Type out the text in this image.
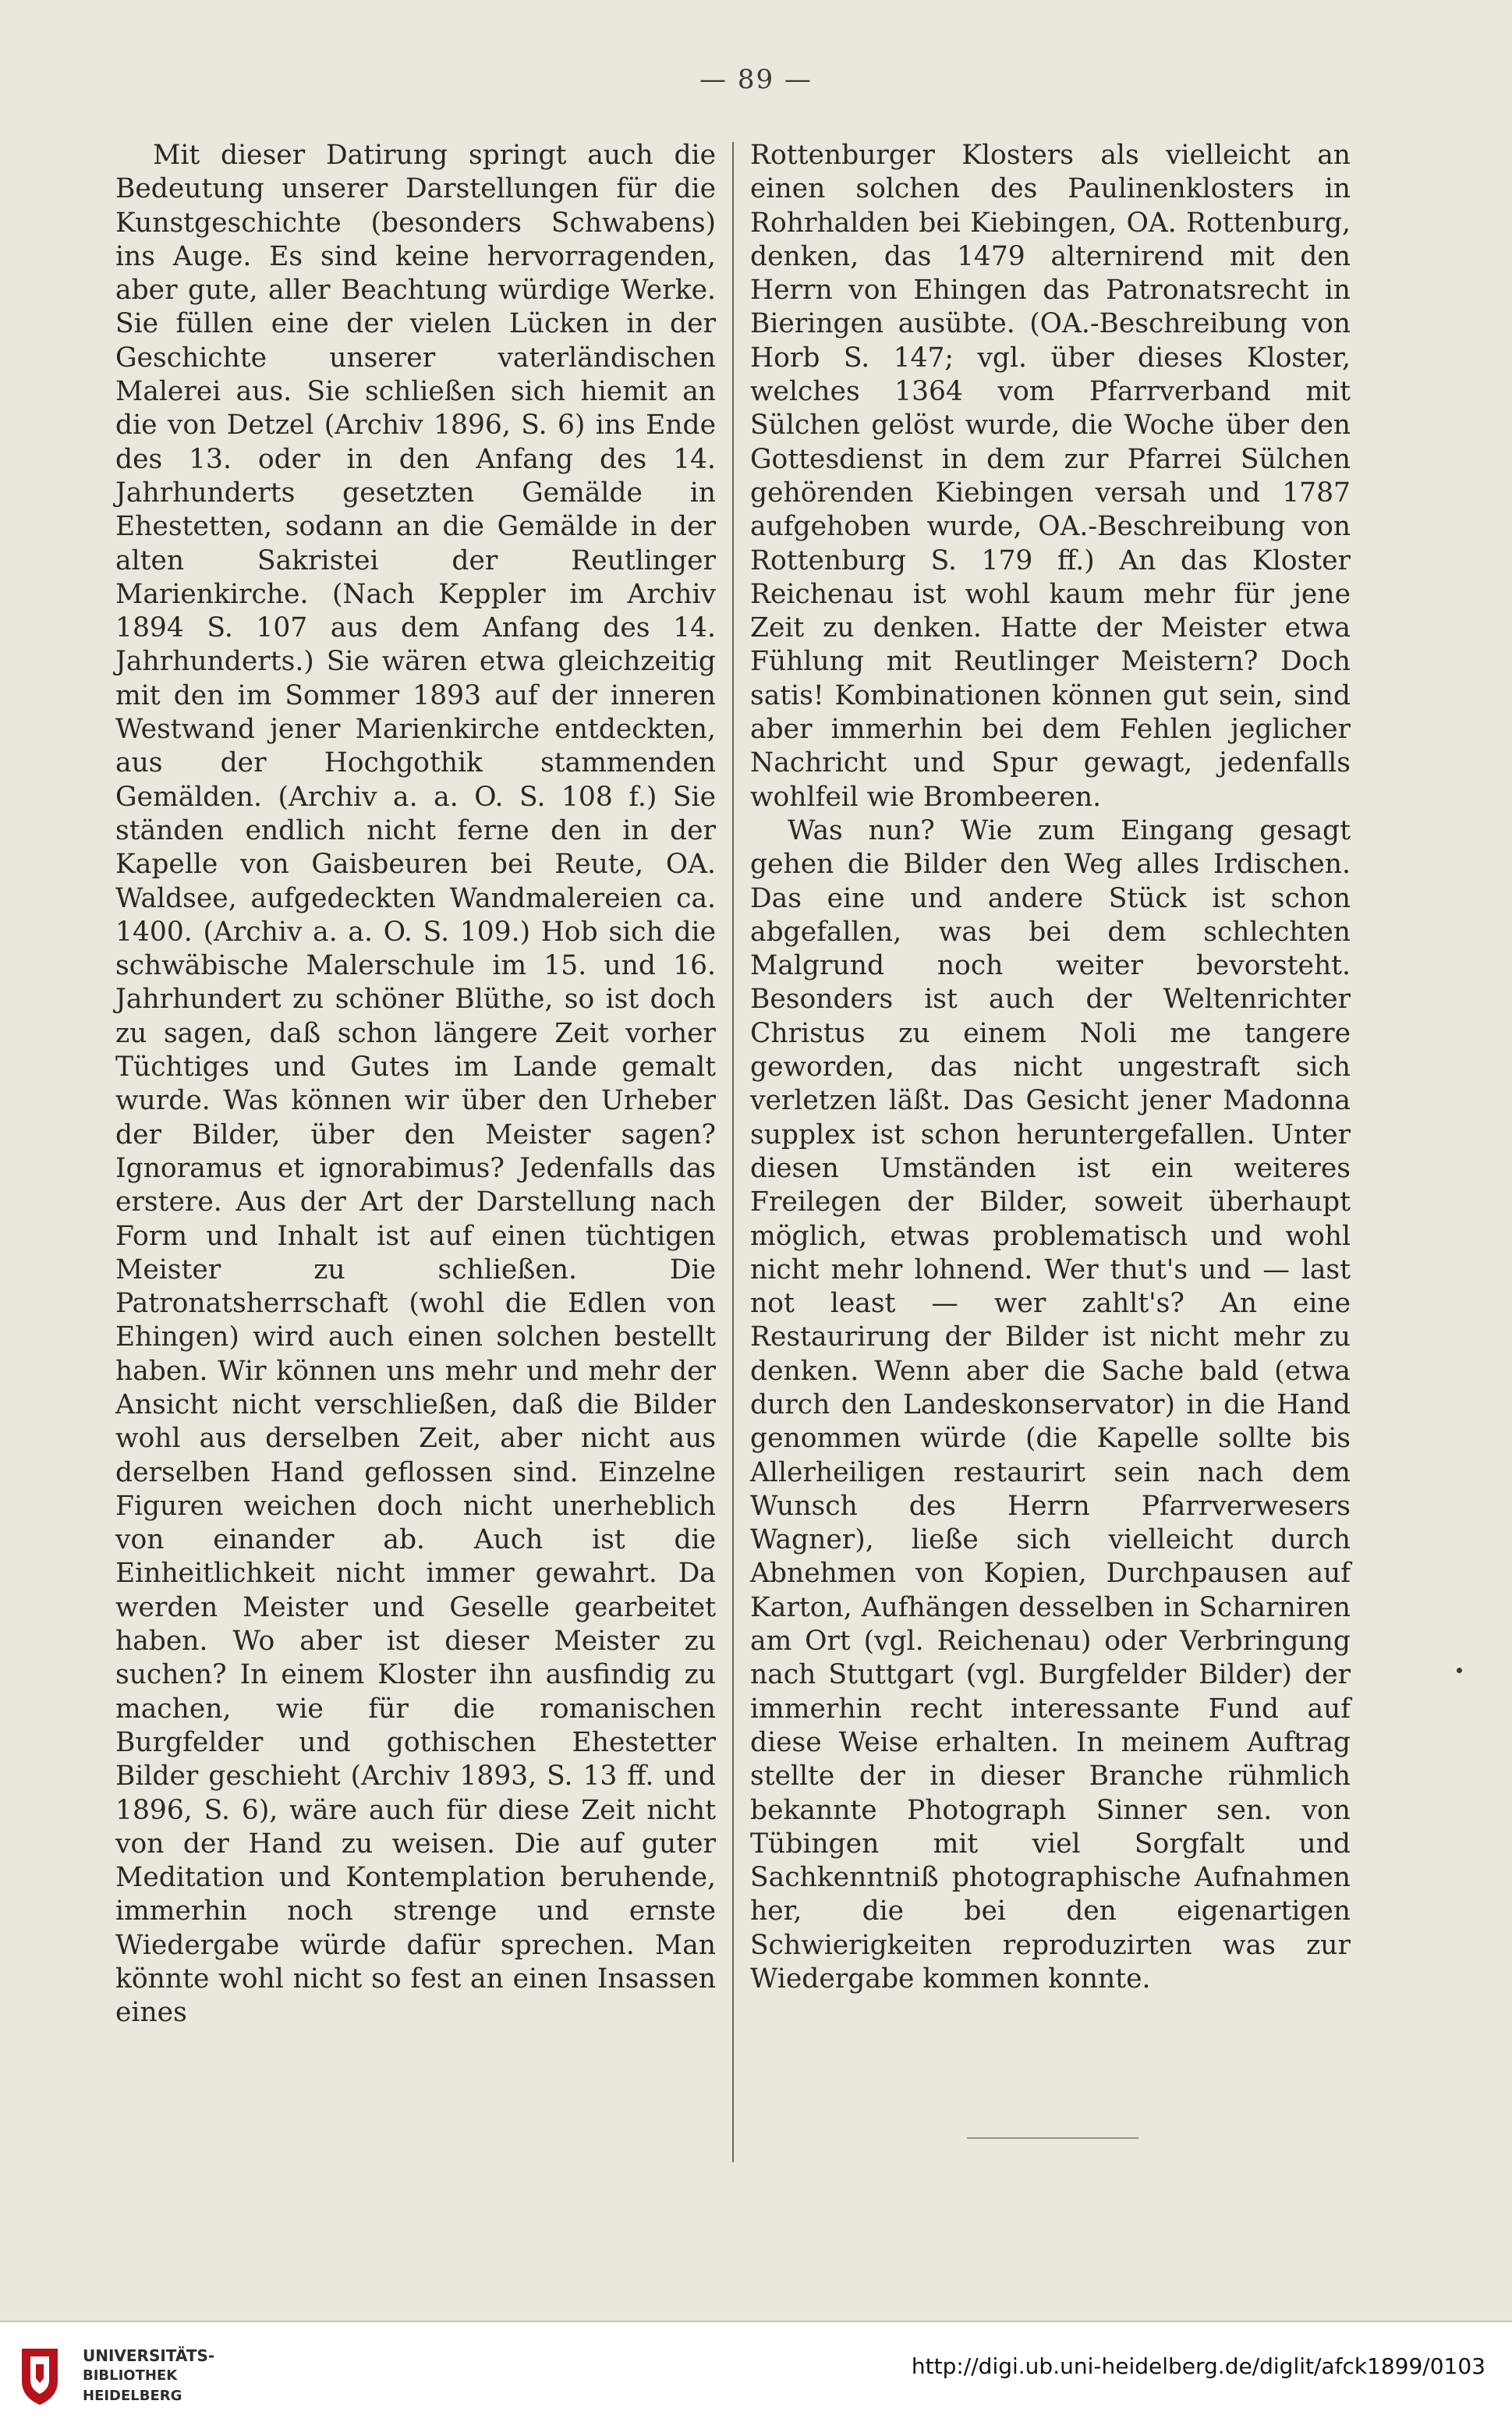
— 89 —

Mit dieser Datirung springt auch die Bedeutung unserer Darstellungen für die Kunstgeschichte (besonders Schwabens) ins Auge. Es sind keine hervorragenden, aber gute, aller Beachtung würdige Werke. Sie füllen eine der vielen Lücken in der Geschichte unserer vaterländischen Malerei aus. Sie schließen sich hiemit an die von Detzel (Archiv 1896, S. 6) ins Ende des 13. oder in den Anfang des 14. Jahrhunderts gesetzten Gemälde in Ehestetten, sodann an die Gemälde in der alten Sakristei der Reutlinger Marienkirche. (Nach Keppler im Archiv 1894 S. 107 aus dem Anfang des 14. Jahrhunderts.) Sie wären etwa gleichzeitig mit den im Sommer 1893 auf der inneren Westwand jener Marienkirche entdeckten, aus der Hochgothik stammenden Gemälden. (Archiv a. a. O. S. 108 f.) Sie ständen endlich nicht ferne den in der Kapelle von Gaisbeuren bei Reute, OA. Waldsee, aufgedeckten Wandmalereien ca. 1400. (Archiv a. a. O. S. 109.) Hob sich die schwäbische Malerschule im 15. und 16. Jahrhundert zu schöner Blüthe, so ist doch zu sagen, daß schon längere Zeit vorher Tüchtiges und Gutes im Lande gemalt wurde. Was können wir über den Urheber der Bilder, über den Meister sagen? Ignoramus et ignorabimus? Jedenfalls das erstere. Aus der Art der Darstellung nach Form und Inhalt ist auf einen tüchtigen Meister zu schließen. Die Patronatsherrschaft (wohl die Edlen von Ehingen) wird auch einen solchen bestellt haben. Wir können uns mehr und mehr der Ansicht nicht verschließen, daß die Bilder wohl aus derselben Zeit, aber nicht aus derselben Hand geflossen sind. Einzelne Figuren weichen doch nicht unerheblich von einander ab. Auch ist die Einheitlichkeit nicht immer gewahrt. Da werden Meister und Geselle gearbeitet haben. Wo aber ist dieser Meister zu suchen? In einem Kloster ihn ausfindig zu machen, wie für die romanischen Burgfelder und gothischen Ehestetter Bilder geschieht (Archiv 1893, S. 13 ff. und 1896, S. 6), wäre auch für diese Zeit nicht von der Hand zu weisen. Die auf guter Meditation und Kontemplation beruhende, immerhin noch strenge und ernste Wiedergabe würde dafür sprechen. Man könnte wohl nicht so fest an einen Insassen eines

Rottenburger Klosters als vielleicht an einen solchen des Paulinenklosters in Rohrhalden bei Kiebingen, OA. Rottenburg, denken, das 1479 alternirend mit den Herrn von Ehingen das Patronatsrecht in Bieringen ausübte. (OA.-Beschreibung von Horb S. 147; vgl. über dieses Kloster, welches 1364 vom Pfarrverband mit Sülchen gelöst wurde, die Woche über den Gottesdienst in dem zur Pfarrei Sülchen gehörenden Kiebingen versah und 1787 aufgehoben wurde, OA.-Beschreibung von Rottenburg S. 179 ff.) An das Kloster Reichenau ist wohl kaum mehr für jene Zeit zu denken. Hatte der Meister etwa Fühlung mit Reutlinger Meistern? Doch satis! Kombinationen können gut sein, sind aber immerhin bei dem Fehlen jeglicher Nachricht und Spur gewagt, jedenfalls wohlfeil wie Brombeeren.

Was nun? Wie zum Eingang gesagt gehen die Bilder den Weg alles Irdischen. Das eine und andere Stück ist schon abgefallen, was bei dem schlechten Malgrund noch weiter bevorsteht. Besonders ist auch der Weltenrichter Christus zu einem Noli me tangere geworden, das nicht ungestraft sich verletzen läßt. Das Gesicht jener Madonna supplex ist schon heruntergefallen. Unter diesen Umständen ist ein weiteres Freilegen der Bilder, soweit überhaupt möglich, etwas problematisch und wohl nicht mehr lohnend. Wer thut's und — last not least — wer zahlt's? An eine Restaurirung der Bilder ist nicht mehr zu denken. Wenn aber die Sache bald (etwa durch den Landeskonservator) in die Hand genommen würde (die Kapelle sollte bis Allerheiligen restaurirt sein nach dem Wunsch des Herrn Pfarrverwesers Wagner), ließe sich vielleicht durch Abnehmen von Kopien, Durchpausen auf Karton, Aufhängen desselben in Scharniren am Ort (vgl. Reichenau) oder Verbringung nach Stuttgart (vgl. Burgfelder Bilder) der immerhin recht interessante Fund auf diese Weise erhalten. In meinem Auftrag stellte der in dieser Branche rühmlich bekannte Photograph Sinner sen. von Tübingen mit viel Sorgfalt und Sachkenntniß photographische Aufnahmen her, die bei den eigenartigen Schwierigkeiten reproduzirten was zur Wiedergabe kommen konnte.

UNIVERSITÄTS-
BIBLIOTHEK
HEIDELBERG
http://digi.ub.uni-heidelberg.de/diglit/afck1899/0103
